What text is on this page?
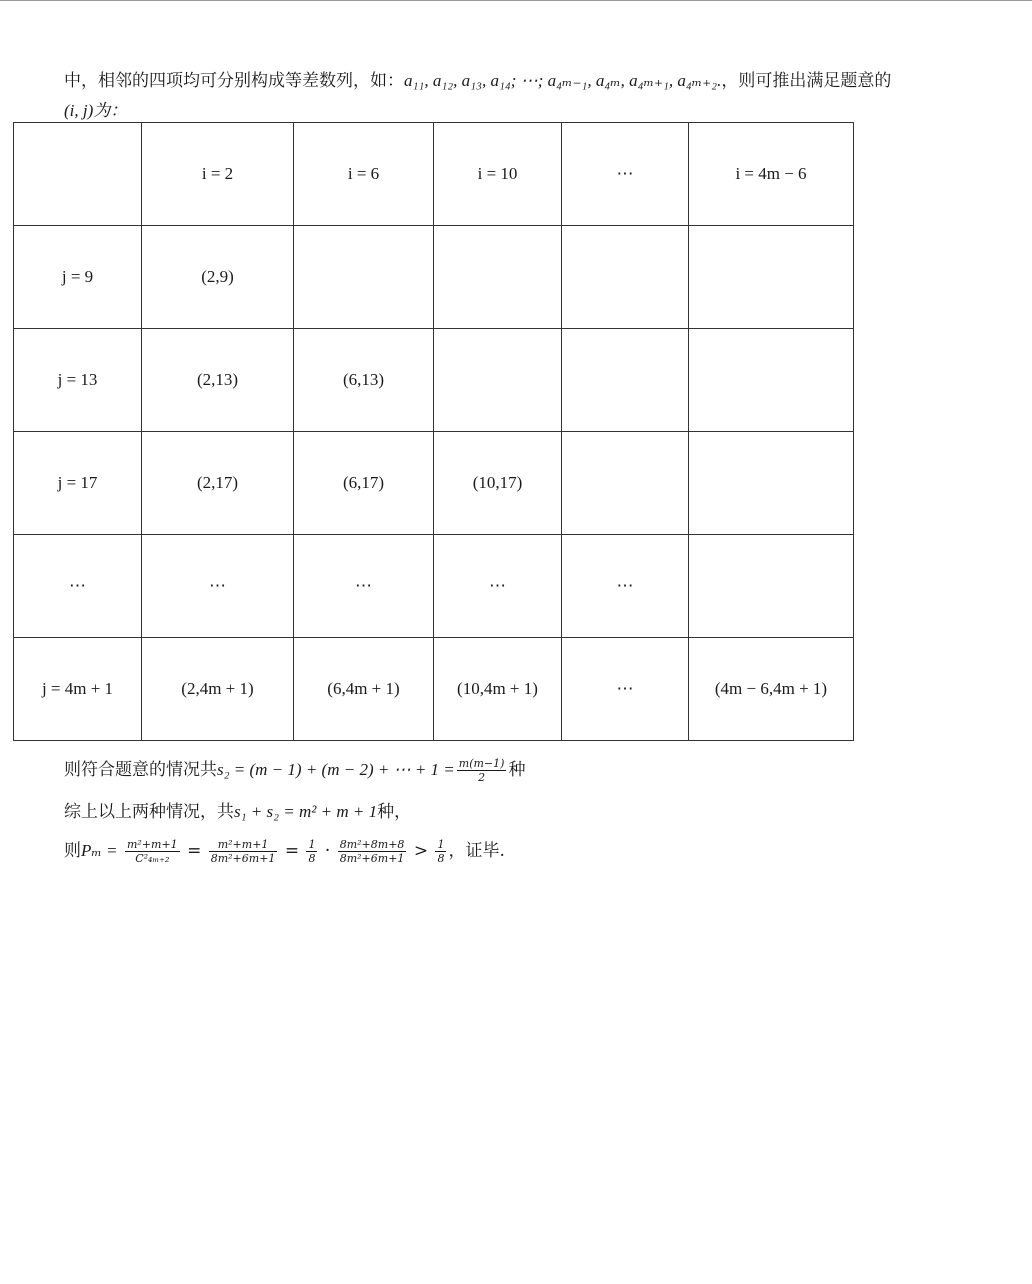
中，相邻的四项均可分别构成等差数列，如：a₁₁, a₁₂, a₁₃, a₁₄; ⋯; a₄ₘ₋₁, a₄ₘ, a₄ₘ₊₁, a₄ₘ₊₂.，则可推出满足题意的
(i, j)为：
	i = 2	i = 6	i = 10	⋯	i = 4m − 6
j = 9	(2,9)				
j = 13	(2,13)	(6,13)			
j = 17	(2,17)	(6,17)	(10,17)		
⋯	⋯	⋯	⋯	⋯	
j = 4m + 1	(2,4m + 1)	(6,4m + 1)	(10,4m + 1)	⋯	(4m − 6,4m + 1)
则符合题意的情况共s₂ = (m − 1) + (m − 2) + ⋯ + $1 = \frac{m(m-1)}{2}$ 种
综上以上两种情况，共s₁ + s₂ = m² + m + 1种，
则$P_m = \frac{\text{m²+m+1}}{\text{C²₄ₘ₊₂}} = \frac{\text{m²+m+1}}{\text{8m²+6m+1}} = \frac{1}{8} \cdot \frac{\text{8m²+8m+8}}{\text{8m²+6m+1}} > \frac{1}{8}$ ，证毕.
